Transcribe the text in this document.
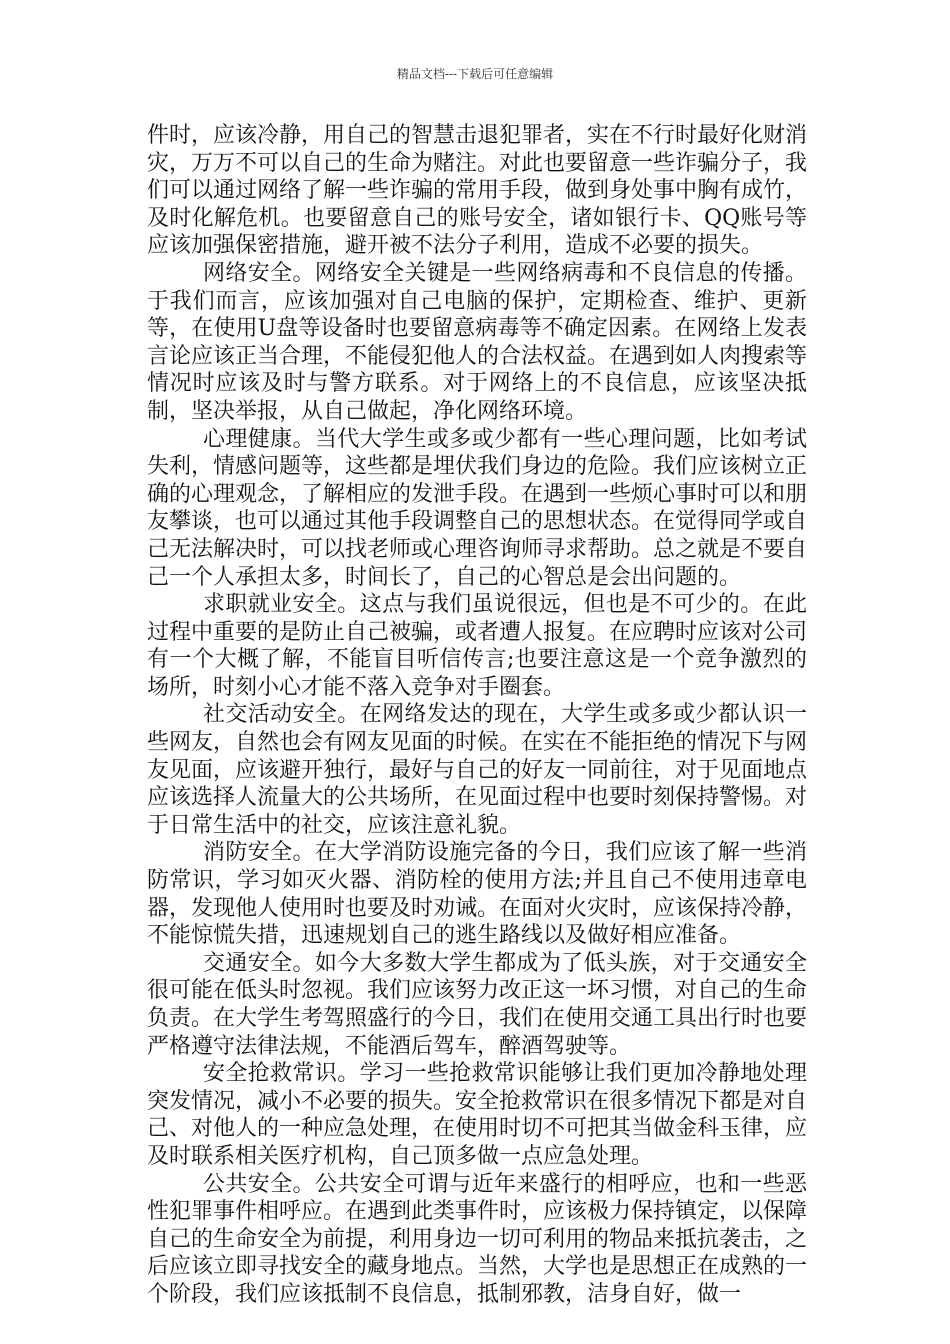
精品文档---下载后可任意编辑

件时，应该冷静，用自己的智慧击退犯罪者，实在不行时最好化财消灾，万万不可以自己的生命为赌注。对此也要留意一些诈骗分子，我们可以通过网络了解一些诈骗的常用手段，做到身处事中胸有成竹，及时化解危机。也要留意自己的账号安全，诸如银行卡、QQ账号等应该加强保密措施，避开被不法分子利用，造成不必要的损失。

网络安全。网络安全关键是一些网络病毒和不良信息的传播。于我们而言，应该加强对自己电脑的保护，定期检查、维护、更新等，在使用U盘等设备时也要留意病毒等不确定因素。在网络上发表言论应该正当合理，不能侵犯他人的合法权益。在遇到如人肉搜索等情况时应该及时与警方联系。对于网络上的不良信息，应该坚决抵制，坚决举报，从自己做起，净化网络环境。

心理健康。当代大学生或多或少都有一些心理问题，比如考试失利，情感问题等，这些都是埋伏我们身边的危险。我们应该树立正确的心理观念，了解相应的发泄手段。在遇到一些烦心事时可以和朋友攀谈，也可以通过其他手段调整自己的思想状态。在觉得同学或自己无法解决时，可以找老师或心理咨询师寻求帮助。总之就是不要自己一个人承担太多，时间长了，自己的心智总是会出问题的。

求职就业安全。这点与我们虽说很远，但也是不可少的。在此过程中重要的是防止自己被骗，或者遭人报复。在应聘时应该对公司有一个大概了解，不能盲目听信传言;也要注意这是一个竞争激烈的场所，时刻小心才能不落入竞争对手圈套。

社交活动安全。在网络发达的现在，大学生或多或少都认识一些网友，自然也会有网友见面的时候。在实在不能拒绝的情况下与网友见面，应该避开独行，最好与自己的好友一同前往，对于见面地点应该选择人流量大的公共场所，在见面过程中也要时刻保持警惕。对于日常生活中的社交，应该注意礼貌。

消防安全。在大学消防设施完备的今日，我们应该了解一些消防常识，学习如灭火器、消防栓的使用方法;并且自己不使用违章电器，发现他人使用时也要及时劝诫。在面对火灾时，应该保持冷静，不能惊慌失措，迅速规划自己的逃生路线以及做好相应准备。

交通安全。如今大多数大学生都成为了低头族，对于交通安全很可能在低头时忽视。我们应该努力改正这一坏习惯，对自己的生命负责。在大学生考驾照盛行的今日，我们在使用交通工具出行时也要严格遵守法律法规，不能酒后驾车，醉酒驾驶等。

安全抢救常识。学习一些抢救常识能够让我们更加冷静地处理突发情况，减小不必要的损失。安全抢救常识在很多情况下都是对自己、对他人的一种应急处理，在使用时切不可把其当做金科玉律，应及时联系相关医疗机构，自己顶多做一点应急处理。

公共安全。公共安全可谓与近年来盛行的相呼应，也和一些恶性犯罪事件相呼应。在遇到此类事件时，应该极力保持镇定，以保障自己的生命安全为前提，利用身边一切可利用的物品来抵抗袭击，之后应该立即寻找安全的藏身地点。当然，大学也是思想正在成熟的一个阶段，我们应该抵制不良信息，抵制邪教，洁身自好，做一
